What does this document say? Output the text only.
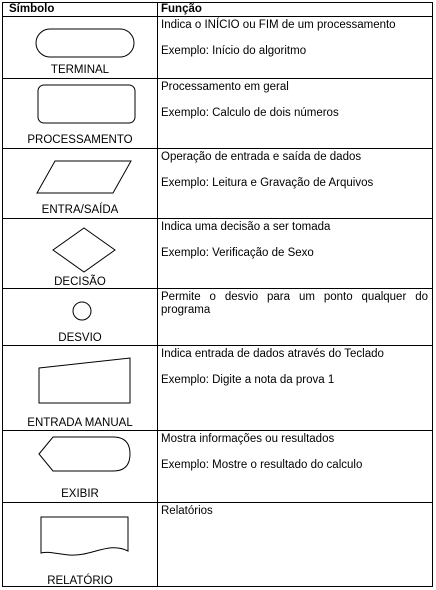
Símbolo	Função
TERMINAL

Indica o INÍCIO ou FIM de um processamento

Exemplo: Início do algoritmo

PROCESSAMENTO

Processamento em geral

Exemplo: Calculo de dois números

ENTRA/SAÍDA

Operação de entrada e saída de dados

Exemplo: Leitura e Gravação de Arquivos

DECISÃO

Indica uma decisão a ser tomada

Exemplo: Verificação de Sexo

DESVIO

Permite o desvio para um ponto qualquer do programa

ENTRADA MANUAL

Indica entrada de dados através do Teclado

Exemplo: Digite a nota da prova 1

EXIBIR

Mostra informações ou resultados

Exemplo: Mostre o resultado do calculo

RELATÓRIO

Relatórios
